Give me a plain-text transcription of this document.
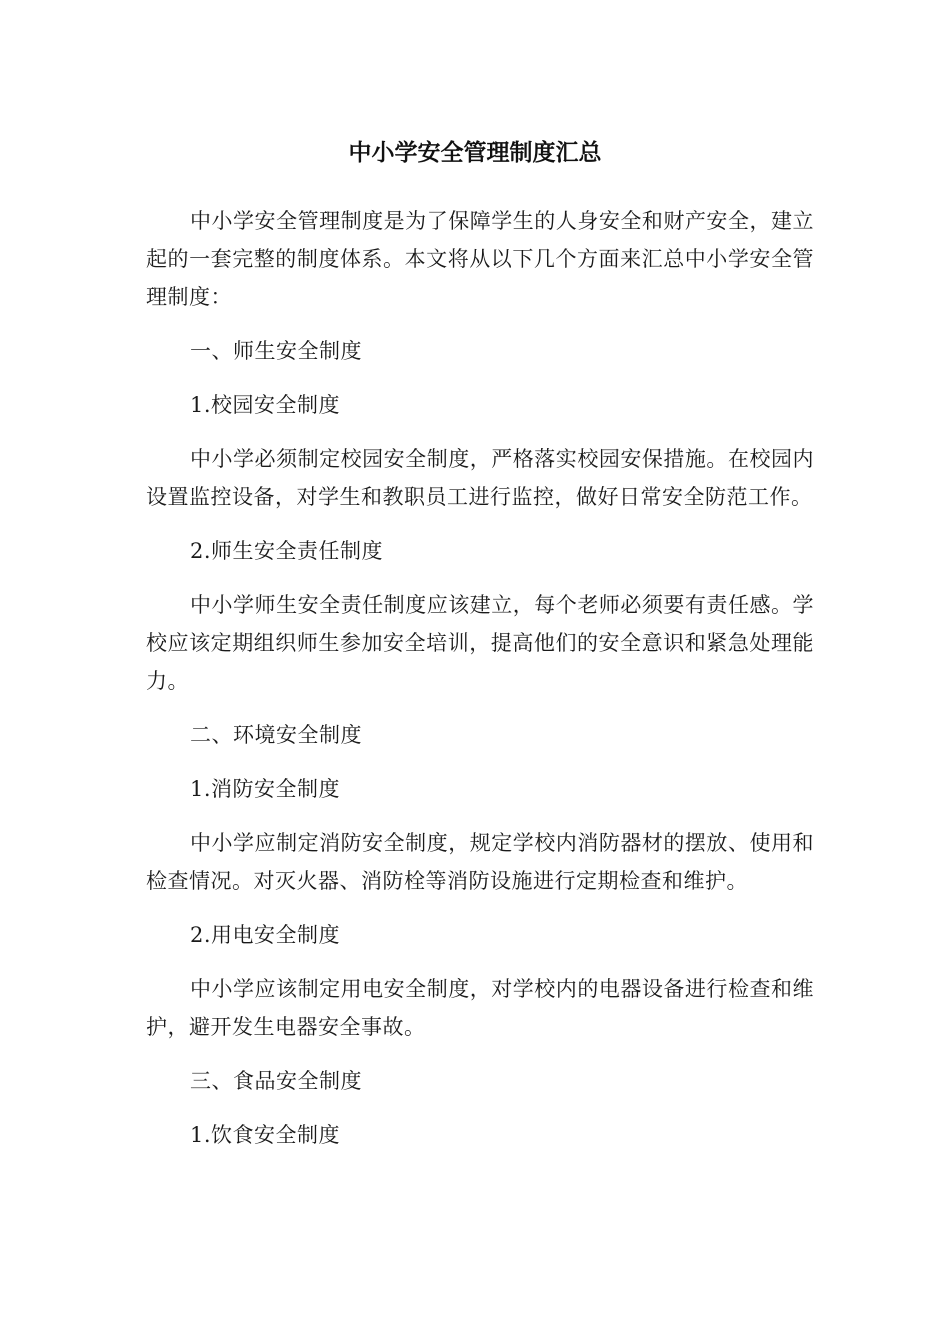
中小学安全管理制度汇总

中小学安全管理制度是为了保障学生的人身安全和财产安全，建立起的一套完整的制度体系。本文将从以下几个方面来汇总中小学安全管理制度：

一、师生安全制度

1.校园安全制度

中小学必须制定校园安全制度，严格落实校园安保措施。在校园内设置监控设备，对学生和教职员工进行监控，做好日常安全防范工作。

2.师生安全责任制度

中小学师生安全责任制度应该建立，每个老师必须要有责任感。学校应该定期组织师生参加安全培训，提高他们的安全意识和紧急处理能力。

二、环境安全制度

1.消防安全制度

中小学应制定消防安全制度，规定学校内消防器材的摆放、使用和检查情况。对灭火器、消防栓等消防设施进行定期检查和维护。

2.用电安全制度

中小学应该制定用电安全制度，对学校内的电器设备进行检查和维护，避开发生电器安全事故。

三、食品安全制度

1.饮食安全制度
